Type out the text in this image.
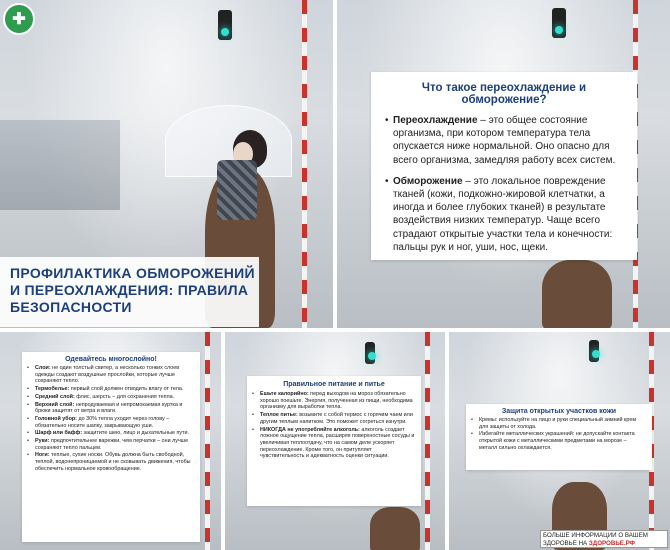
✚
ПРОФИЛАКТИКА ОБМОРОЖЕНИЙ И ПЕРЕОХЛАЖДЕНИЯ: ПРАВИЛА БЕЗОПАСНОСТИ
Что такое переохлаждение и обморожение?
• Переохлаждение – это общее состояние организма, при котором температура тела опускается ниже нормальной. Оно опасно для всего организма, замедляя работу всех систем.
• Обморожение – это локальное повреждение тканей (кожи, подкожно-жировой клетчатки, а иногда и более глубоких тканей) в результате воздействия низких температур. Чаще всего страдают открытые участки тела и конечности: пальцы рук и ног, уши, нос, щеки.
Одевайтесь многослойно!
• Слои: не один толстый свитер, а несколько тонких слоев одежды создают воздушные прослойки, которые лучше сохраняют тепло.
• Термобелье: первый слой должен отводить влагу от тела.
• Средний слой: флис, шерсть – для сохранения тепла.
• Верхний слой: непродуваемая и непромокаемая куртка и брюки защитят от ветра и влаги.
• Головной убор: до 30% тепла уходит через голову – обязательно носите шапку, закрывающую уши.
• Шарф или бафф: защитите шею, лицо и дыхательные пути.
• Руки: предпочтительнее варежки, чем перчатки – они лучше сохраняют тепло пальцев.
• Ноги: теплые, сухие носки. Обувь должна быть свободной, теплой, водонепроницаемой и не сковывать движения, чтобы обеспечить нормальное кровообращение.
Правильное питание и питье
• Ешьте калорийно: перед выходом на мороз обязательно хорошо поешьте. Энергия, полученная из пищи, необходима организму для выработки тепла.
• Теплое питье: возьмите с собой термос с горячим чаем или другим теплым напитком. Это поможет согреться изнутри.
• НИКОГДА не употребляйте алкоголь: алкоголь создает ложное ощущение тепла, расширяя поверхностные сосуды и увеличивая теплоотдачу, что на самом деле ускоряет переохлаждение. Кроме того, он притупляет чувствительность и адекватность оценки ситуации.
Защита открытых участков кожи
• Кремы: используйте на лицо и руки специальный зимний крем для защиты от холода.
• Избегайте металлических украшений: не допускайте контакта открытой кожи с металлическими предметами на морозе – металл сильно охлаждается.
БОЛЬШЕ ИНФОРМАЦИИ О ВАШЕМ
ЗДОРОВЬЕ НА ЗДОРОВЬЕ.РФ
